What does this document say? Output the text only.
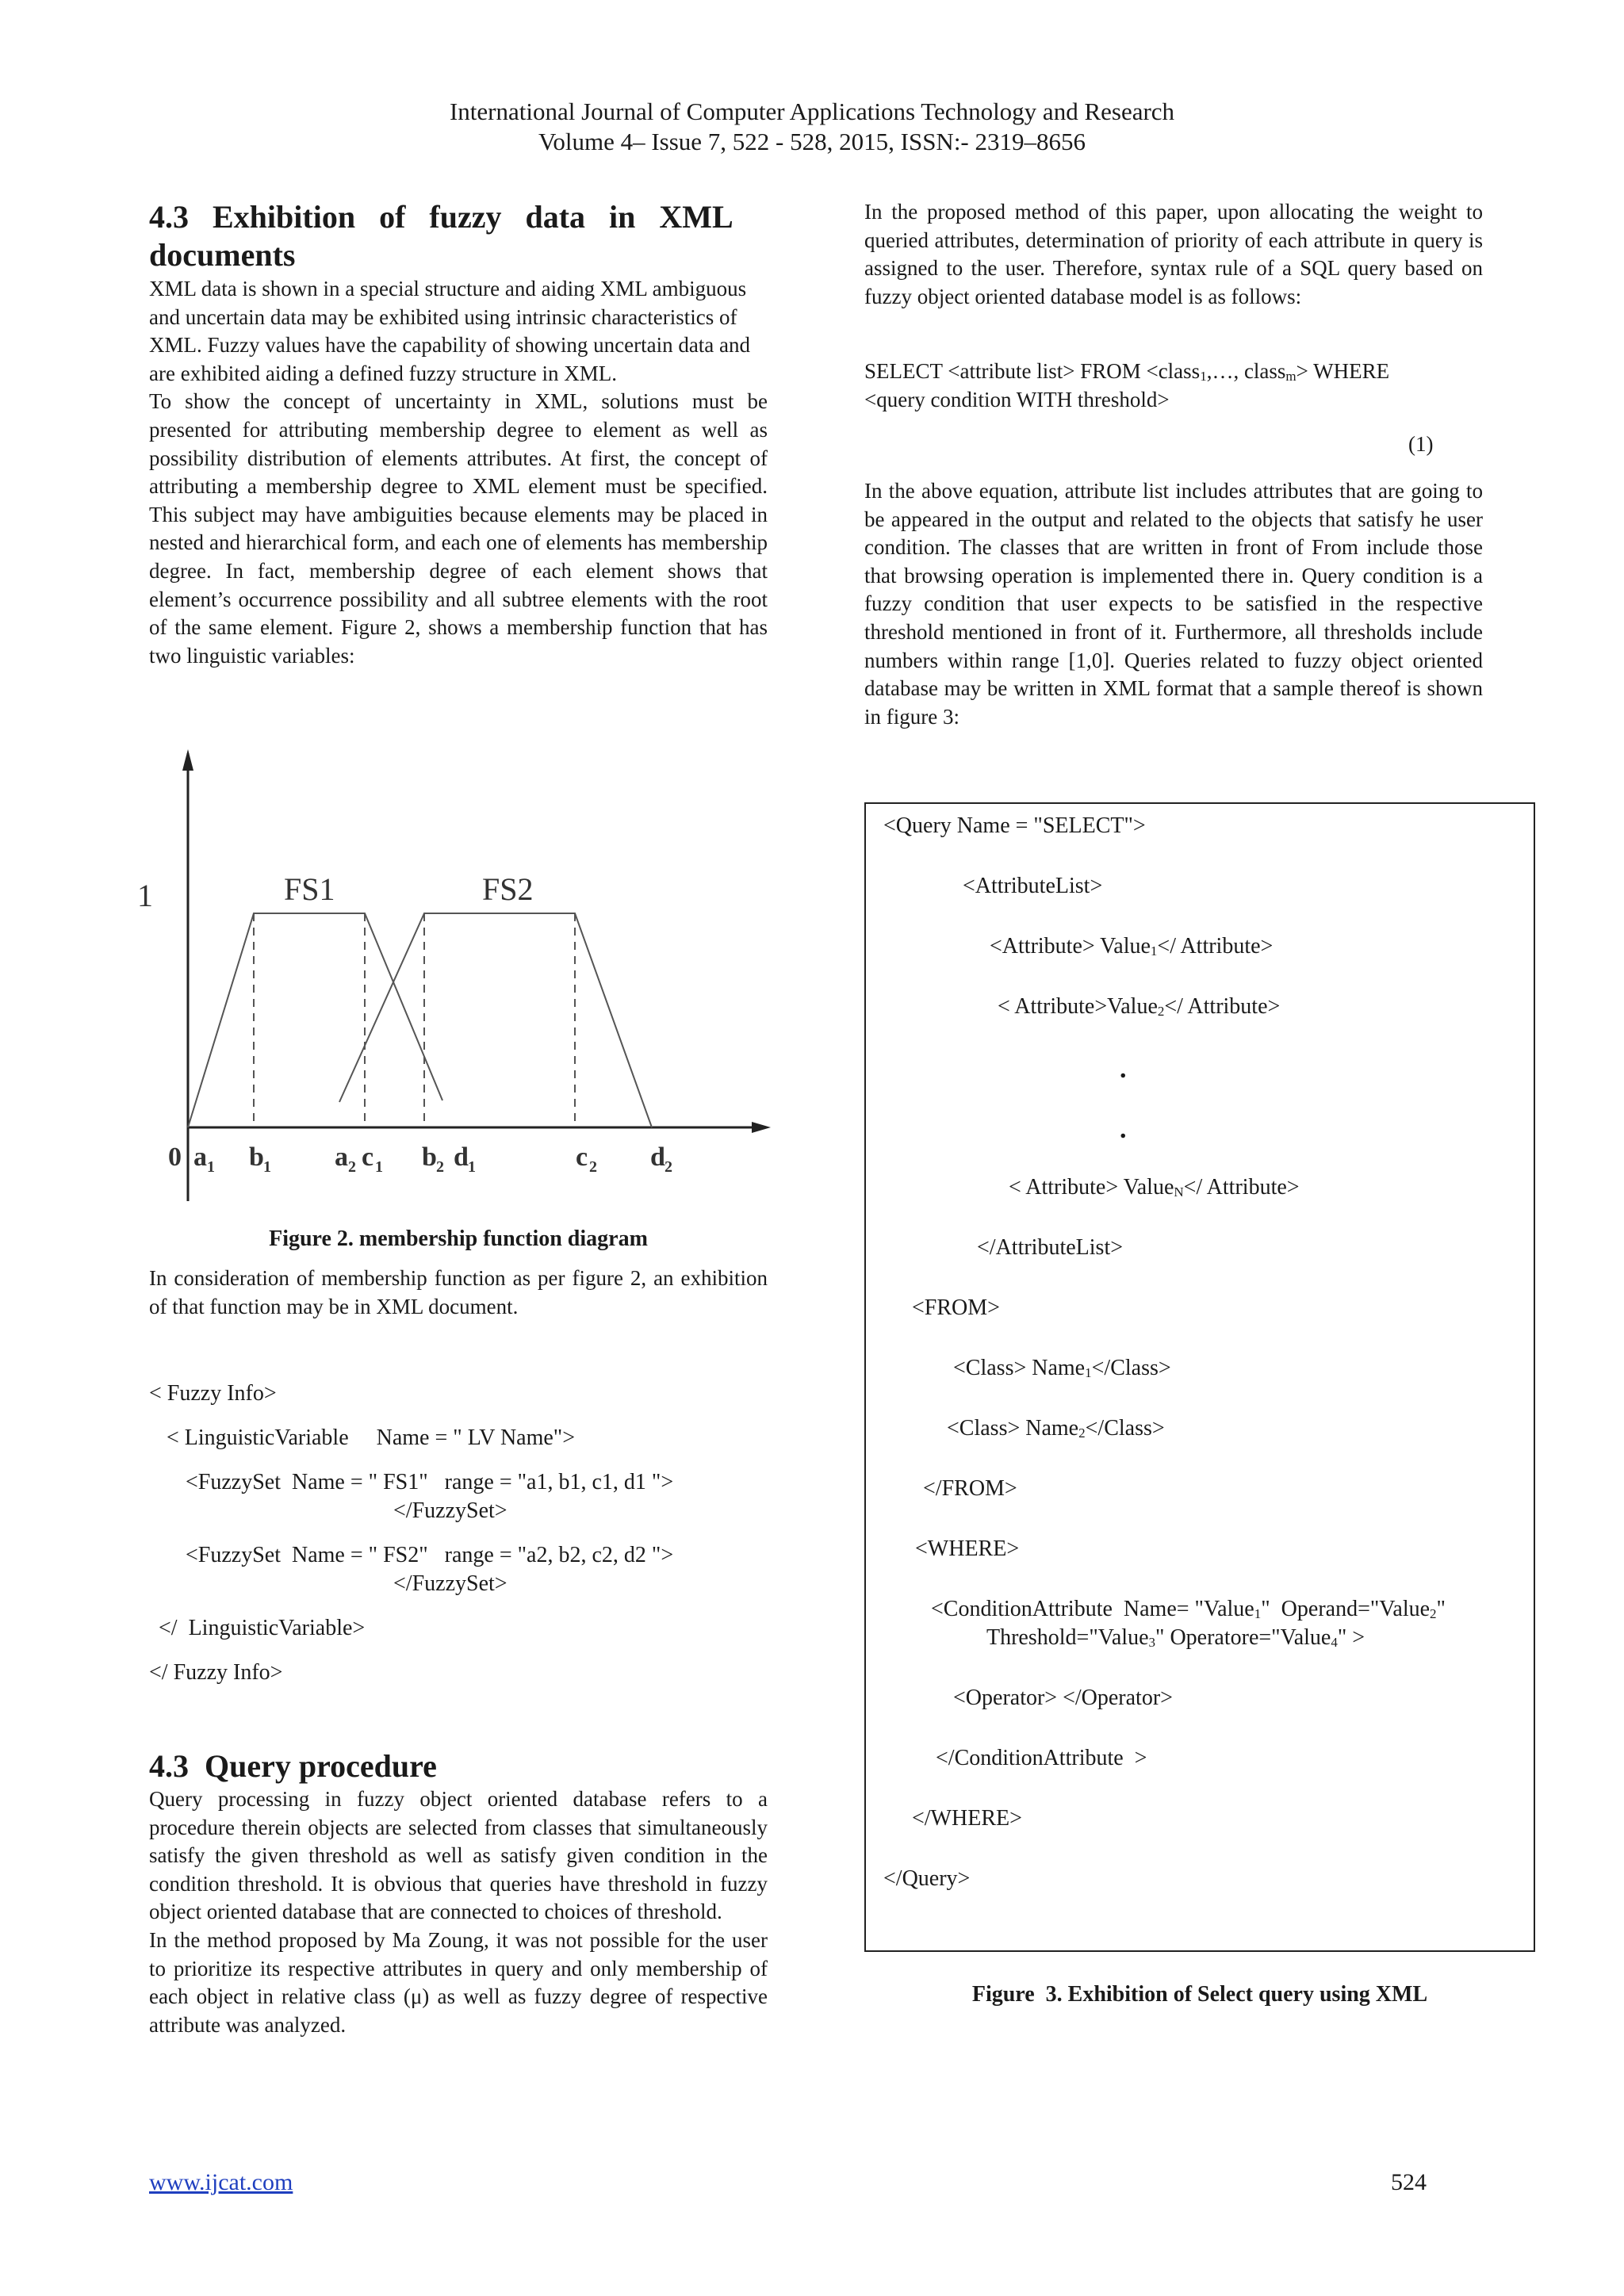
International Journal of Computer Applications Technology and Research
Volume 4– Issue 7, 522 - 528, 2015, ISSN:- 2319–8656
4.3   Exhibition   of   fuzzy   data   in   XML
documents

XML data is shown in a special structure and aiding XML ambiguous and uncertain data may be exhibited using intrinsic characteristics of XML. Fuzzy values have the capability of showing uncertain data and are exhibited aiding a defined fuzzy structure in XML.

To show the concept of uncertainty in XML, solutions must be presented for attributing membership degree to element as well as possibility distribution of elements attributes. At first, the concept of attributing a membership degree to XML element must be specified. This subject may have ambiguities because elements may be placed in nested and hierarchical form, and each one of elements has membership degree. In fact, membership degree of each element shows that element’s occurrence possibility and all subtree elements with the root of the same element. Figure 2, shows a membership function that has two linguistic variables:

1	FS1	FS2
0 a 1 b 1 a 2 c 1 b 2 d 1	c 2 d 2
Figure 2. membership function diagram

In consideration of membership function as per figure 2, an exhibition of that function may be in XML document.

< Fuzzy Info>
< LinguisticVariable     Name = " LV Name">
<FuzzySet  Name = " FS1"   range = "a1, b1, c1, d1 ">
</FuzzySet>
<FuzzySet  Name = " FS2"   range = "a2, b2, c2, d2 ">
</FuzzySet>
</  LinguisticVariable>
</ Fuzzy Info>
4.3  Query procedure

Query processing in fuzzy object oriented database refers to a procedure therein objects are selected from classes that simultaneously satisfy the given threshold as well as satisfy given condition in the condition threshold. It is obvious that queries have threshold in fuzzy object oriented database that are connected to choices of threshold.

In the method proposed by Ma Zoung, it was not possible for the user to prioritize its respective attributes in query and only membership of each object in relative class (μ) as well as fuzzy degree of respective attribute was analyzed.

In the proposed method of this paper, upon allocating the weight to queried attributes, determination of priority of each attribute in query is assigned to the user. Therefore, syntax rule of a SQL query based on fuzzy object oriented database model is as follows:

SELECT <attribute list> FROM <class$_1$,…, class$_m$> WHERE
<query condition WITH threshold>
(1)

In the above equation, attribute list includes attributes that are going to be appeared in the output and related to the objects that satisfy he user condition. The classes that are written in front of From include those that browsing operation is implemented there in. Query condition is a fuzzy condition that user expects to be satisfied in the respective threshold mentioned in front of it. Furthermore, all thresholds include numbers within range [1,0]. Queries related to fuzzy object oriented database may be written in XML format that a sample thereof is shown in figure 3:

<Query Name = "SELECT">
<AttributeList>
<Attribute> Value$_1$</ Attribute>
< Attribute>Value$_2$</ Attribute>
.
.
< Attribute> Value$_N$</ Attribute>
</AttributeList>
<FROM>
<Class> Name$_1$</Class>
<Class> Name$_2$</Class>
</FROM>
<WHERE>
<ConditionAttribute  Name= "Value$_1$"  Operand="Value$_2$"
Threshold="Value$_3$" Operatore="Value$_4$" >
<Operator> </Operator>
</ConditionAttribute  >
</WHERE>
</Query>
Figure  3. Exhibition of Select query using XML
www.ijcat.com	524
